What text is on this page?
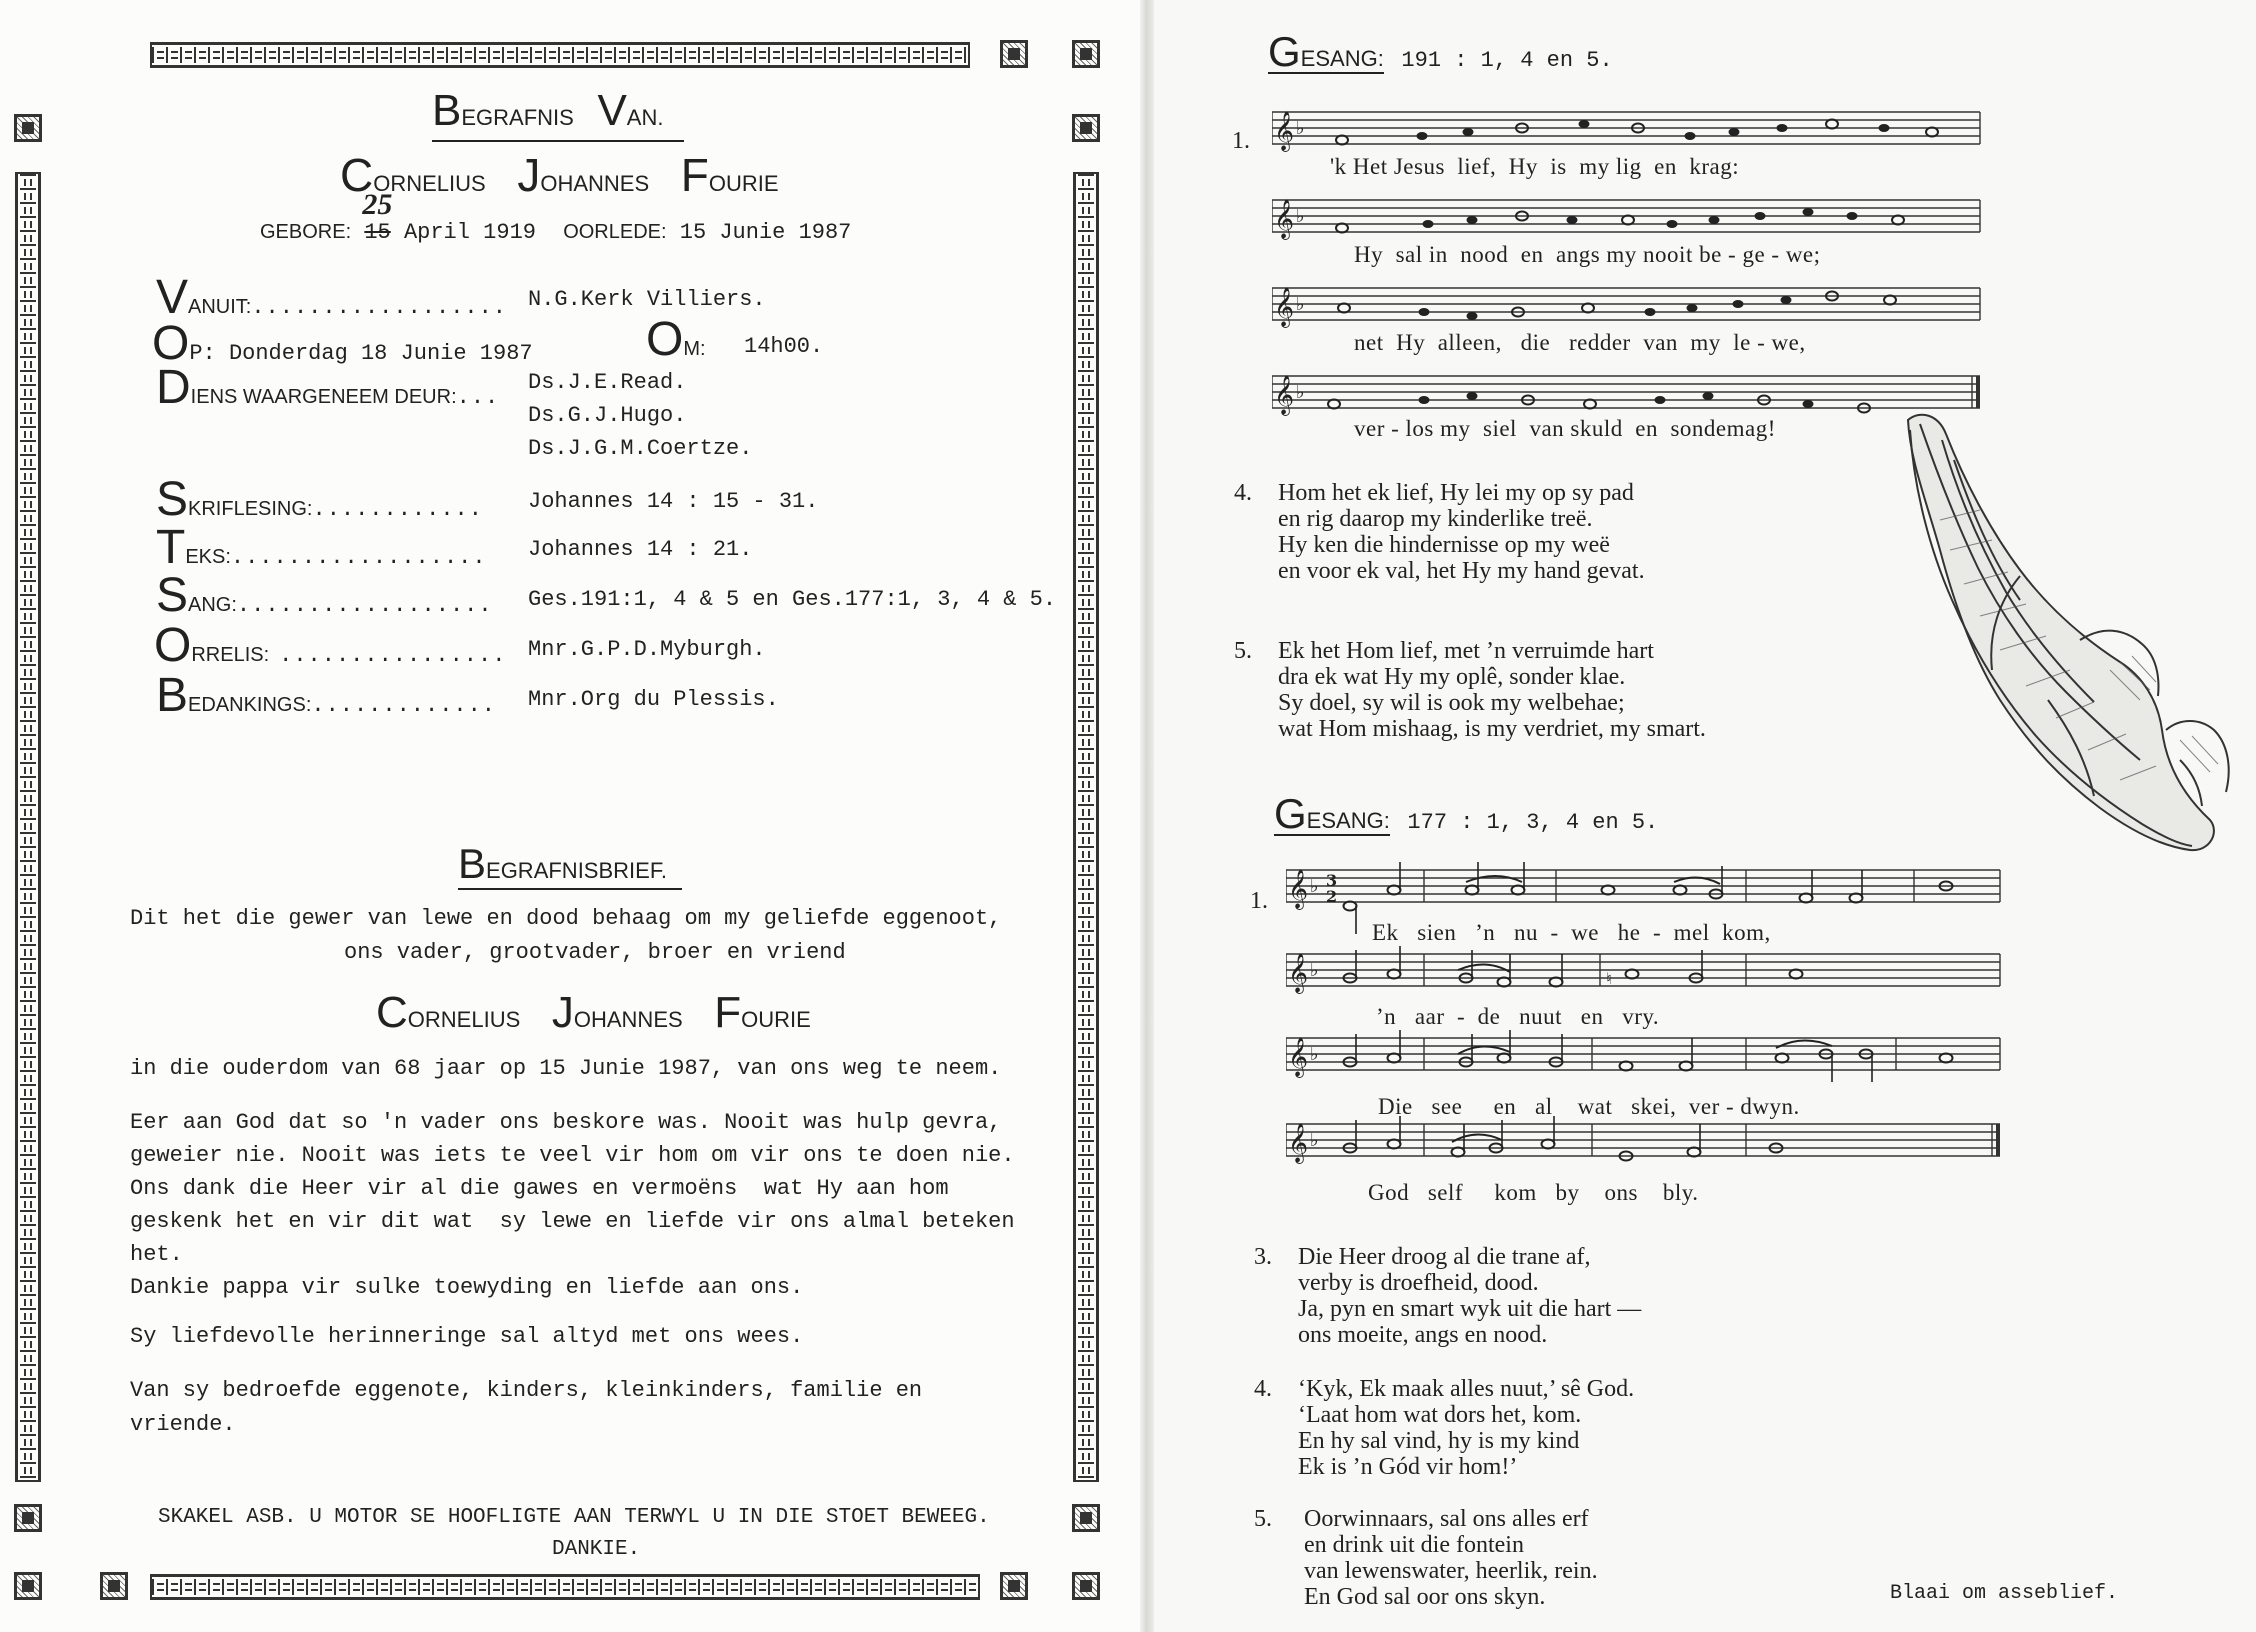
BEGRAFNIS VAN.
CORNELIUS JOHANNES FOURIE
GEBORE: 15
25
April 1919 OORLEDE: 15 Junie 1987
VANUIT:.................. N.G.Kerk Villiers.
OP: Donderdag 18 Junie 1987 OM: 14h00.
DIENS WAARGENEEM DEUR:...
Ds.J.E.Read.
Ds.G.J.Hugo.
Ds.J.G.M.Coertze.
SKRIFLESING:............ Johannes 14 : 15 - 31.
TEKS:.................. Johannes 14 : 21.
SANG:.................. Ges.191:1, 4 & 5 en Ges.177:1, 3, 4 & 5.
ORRELIS: ................ Mnr.G.P.D.Myburgh.
BEDANKINGS:............. Mnr.Org du Plessis.
BEGRAFNISBRIEF.
Dit het die gewer van lewe en dood behaag om my geliefde eggenoot,
ons vader, grootvader, broer en vriend
CORNELIUS JOHANNES FOURIE
in die ouderdom van 68 jaar op 15 Junie 1987, van ons weg te neem.
Eer aan God dat so 'n vader ons beskore was. Nooit was hulp gevra,
geweier nie. Nooit was iets te veel vir hom om vir ons te doen nie.
Ons dank die Heer vir al die gawes en vermoëns  wat Hy aan hom
geskenk het en vir dit wat  sy lewe en liefde vir ons almal beteken
het.
Dankie pappa vir sulke toewyding en liefde aan ons.
Sy liefdevolle herinneringe sal altyd met ons wees.
Van sy bedroefde eggenote, kinders, kleinkinders, familie en
vriende.
SKAKEL ASB. U MOTOR SE HOOFLIGTE AAN TERWYL U IN DIE STOET BEWEEG.
DANKIE.
GESANG: 191 : 1, 4 en 5.
1. 𝄞
𝄞
𝄞
𝄞
♭
♭
♭
♭
'k Het Jesus  lief,  Hy  is  my lig  en  krag:
Hy  sal in  nood  en  angs my nooit be - ge - we;
net  Hy  alleen,   die   redder  van  my  le - we,
ver - los my  siel  van skuld  en  sondemag!
4. Hom het ek lief, Hy lei my op sy pad
en rig daarop my kinderlike treë.
Hy ken die hindernisse op my weë
en voor ek val, het Hy my hand gevat.
5. Ek het Hom lief, met ’n verruimde hart
dra ek wat Hy my oplê, sonder klae.
Sy doel, sy wil is ook my welbehae;
wat Hom mishaag, is my verdriet, my smart.
GESANG: 177 : 1, 3, 4 en 5.
1. 𝄞
𝄞
𝄞
𝄞
♭
♭
♭
♭
3
2
♮
Ek   sien   ’n   nu  -  we   he  -  mel  kom,
’n   aar  -  de   nuut   en   vry.
Die   see     en   al    wat   skei,  ver - dwyn.
God   self     kom   by    ons    bly.
3. Die Heer droog al die trane af,
verby is droefheid, dood.
Ja, pyn en smart wyk uit die hart —
ons moeite, angs en nood.
4. ‘Kyk, Ek maak alles nuut,’ sê God.
‘Laat hom wat dors het, kom.
En hy sal vind, hy is my kind
Ek is ’n Gód vir hom!’
5. Oorwinnaars, sal ons alles erf
en drink uit die fontein
van lewenswater, heerlik, rein.
En God sal oor ons skyn.	Blaai om asseblief.
